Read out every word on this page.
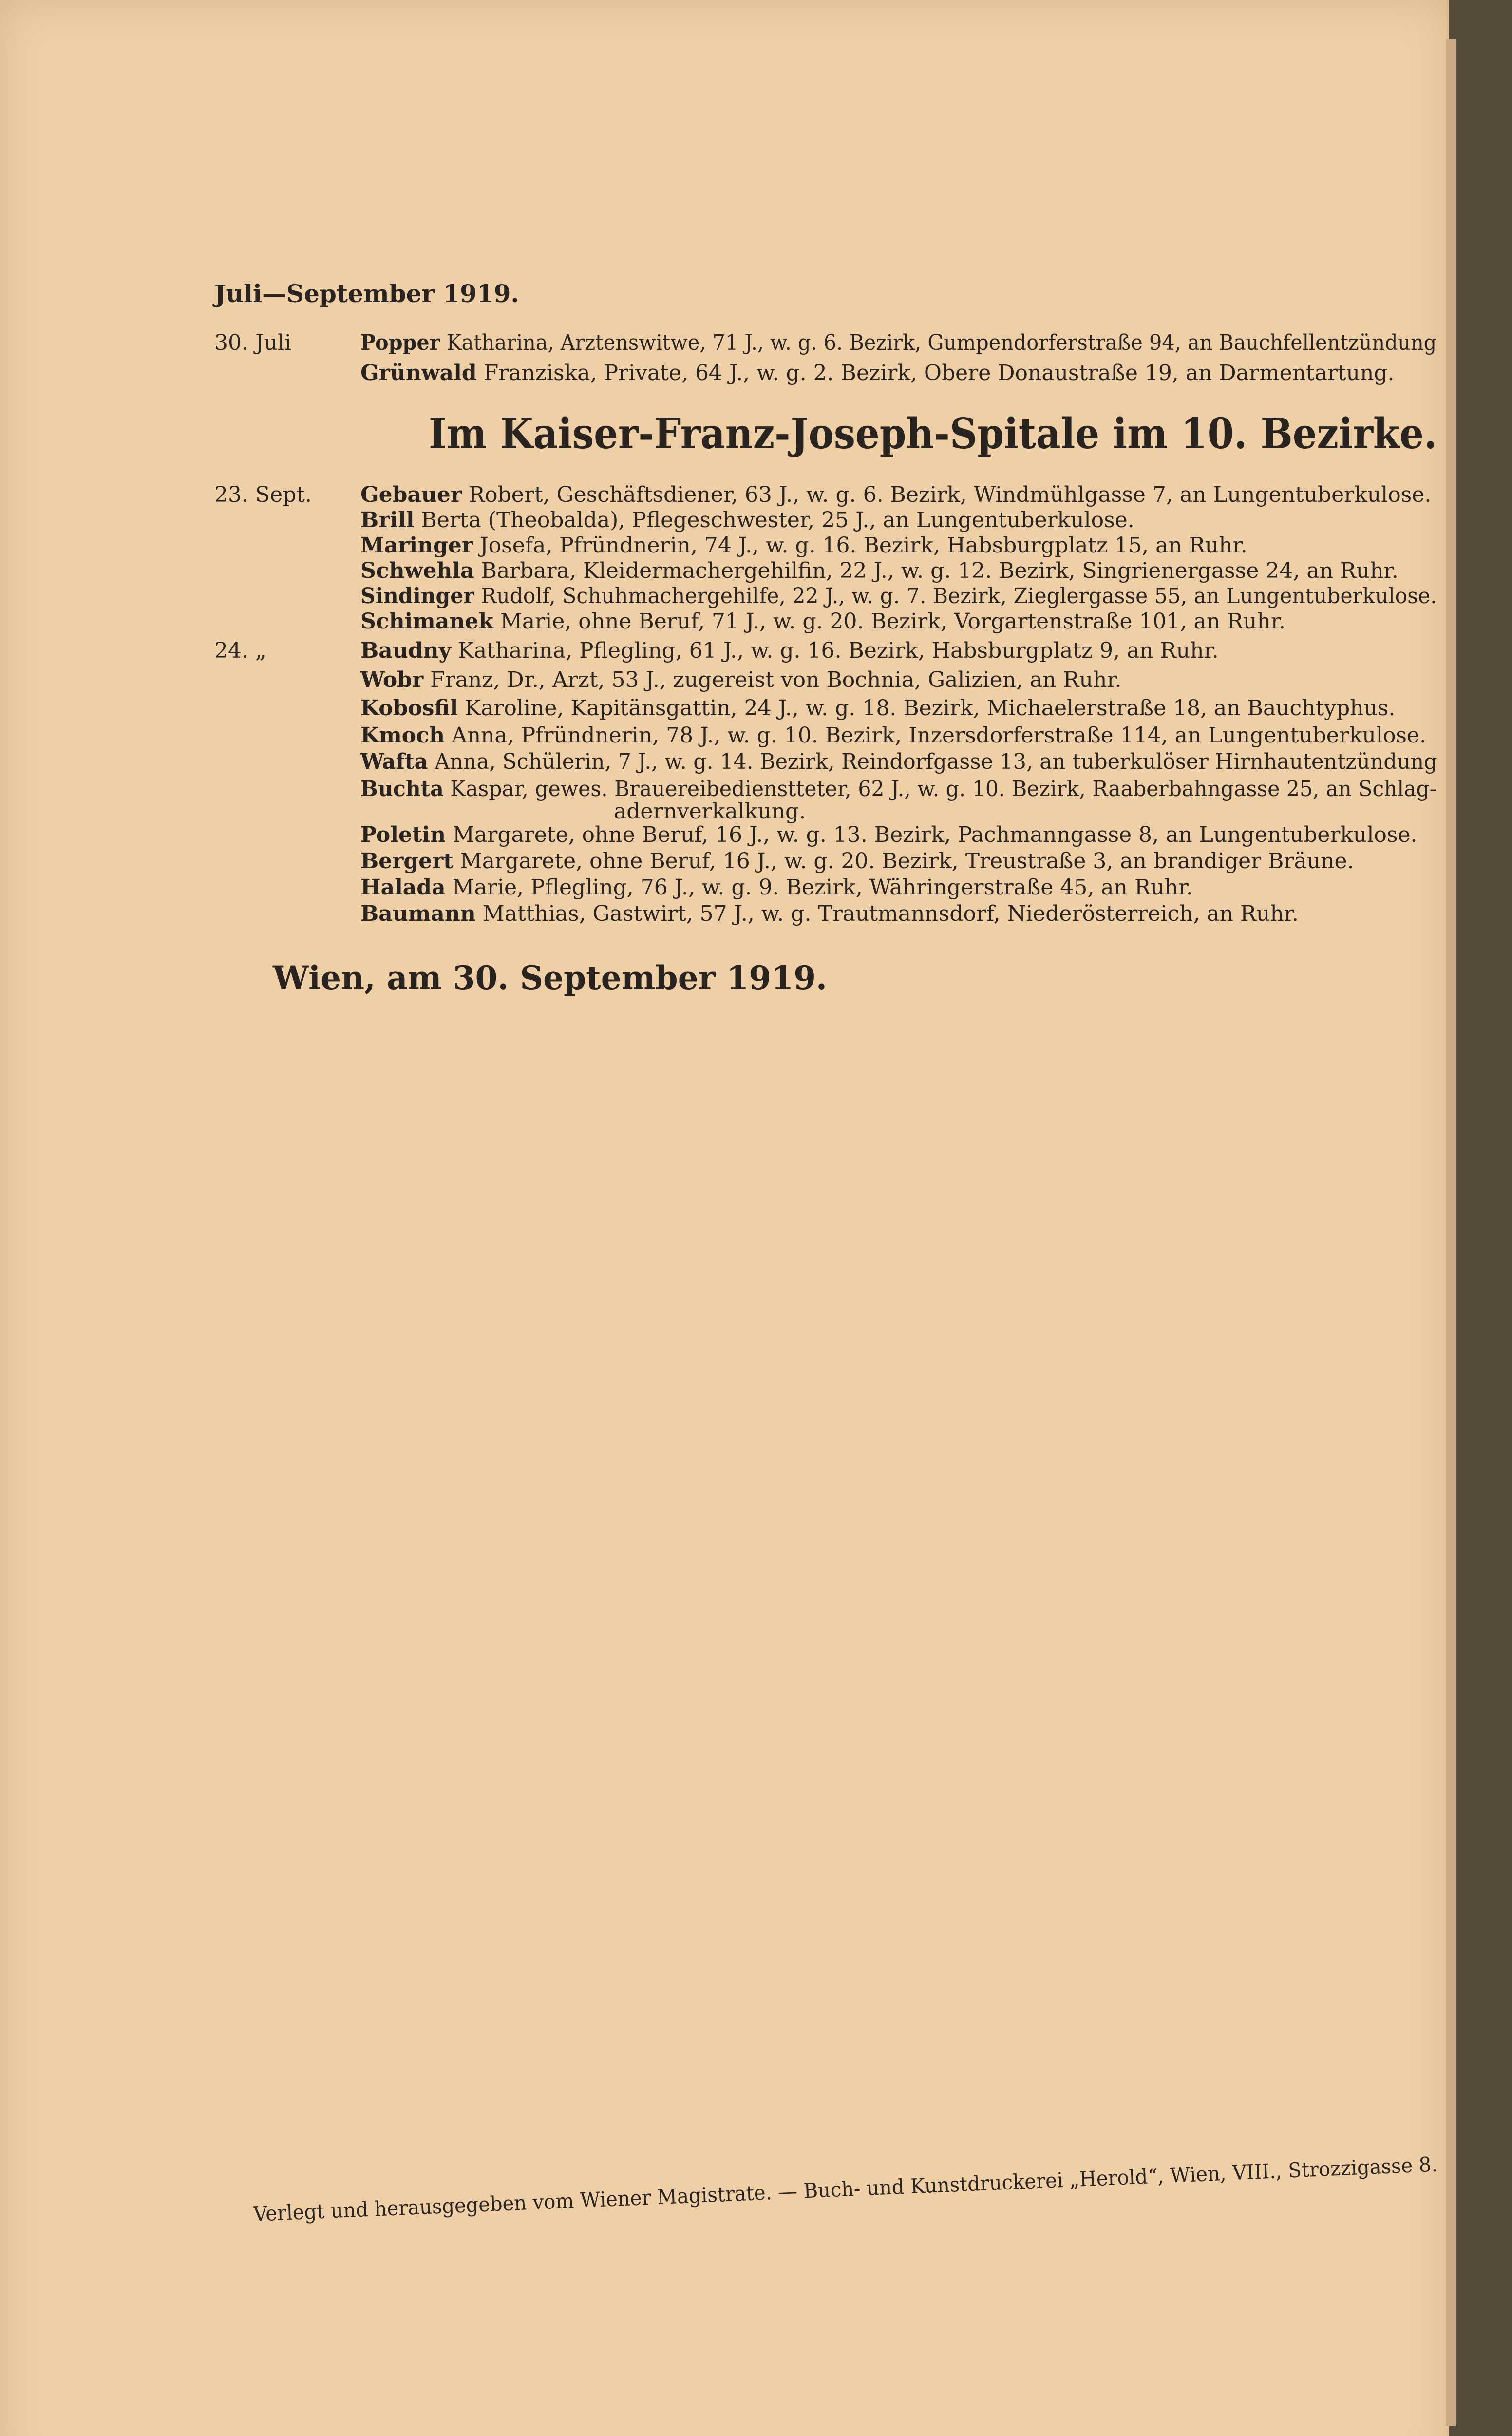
Juli—September 1919.
30. Juli	Popper Katharina, Arztenswitwe, 71 J., w. g. 6. Bezirk, Gumpendorferstraße 94, an Bauchfellentzündung
Grünwald Franziska, Private, 64 J., w. g. 2. Bezirk, Obere Donaustraße 19, an Darmentartung.
Im Kaiser-Franz-Joseph-Spitale im 10. Bezirke.
23. Sept. Gebauer Robert, Geschäftsdiener, 63 J., w. g. 6. Bezirk, Windmühlgasse 7, an Lungentuberkulose.
Brill Berta (Theobalda), Pflegeschwester, 25 J., an Lungentuberkulose.
Maringer Josefa, Pfründnerin, 74 J., w. g. 16. Bezirk, Habsburgplatz 15, an Ruhr.
Schwehla Barbara, Kleidermachergehilfin, 22 J., w. g. 12. Bezirk, Singrienergasse 24, an Ruhr.
Sindinger Rudolf, Schuhmachergehilfe, 22 J., w. g. 7. Bezirk, Zieglergasse 55, an Lungentuberkulose.
Schimanek Marie, ohne Beruf, 71 J., w. g. 20. Bezirk, Vorgartenstraße 101, an Ruhr.
24. „	Baudny Katharina, Pflegling, 61 J., w. g. 16. Bezirk, Habsburgplatz 9, an Ruhr.
Wobr Franz, Dr., Arzt, 53 J., zugereist von Bochnia, Galizien, an Ruhr.
Kobosfil Karoline, Kapitänsgattin, 24 J., w. g. 18. Bezirk, Michaelerstraße 18, an Bauchtyphus.
Kmoch Anna, Pfründnerin, 78 J., w. g. 10. Bezirk, Inzersdorferstraße 114, an Lungentuberkulose.
Wafta Anna, Schülerin, 7 J., w. g. 14. Bezirk, Reindorfgasse 13, an tuberkulöser Hirnhautentzündung
Buchta Kaspar, gewes. Brauereibedienstteter, 62 J., w. g. 10. Bezirk, Raaberbahngasse 25, an Schlag-
adernverkalkung.
Poletin Margarete, ohne Beruf, 16 J., w. g. 13. Bezirk, Pachmanngasse 8, an Lungentuberkulose.
Bergert Margarete, ohne Beruf, 16 J., w. g. 20. Bezirk, Treustraße 3, an brandiger Bräune.
Halada Marie, Pflegling, 76 J., w. g. 9. Bezirk, Währingerstraße 45, an Ruhr.
Baumann Matthias, Gastwirt, 57 J., w. g. Trautmannsdorf, Niederösterreich, an Ruhr.
Wien, am 30. September 1919.
Verlegt und herausgegeben vom Wiener Magistrate. — Buch- und Kunstdruckerei „Herold“, Wien, VIII., Strozzigasse 8.
